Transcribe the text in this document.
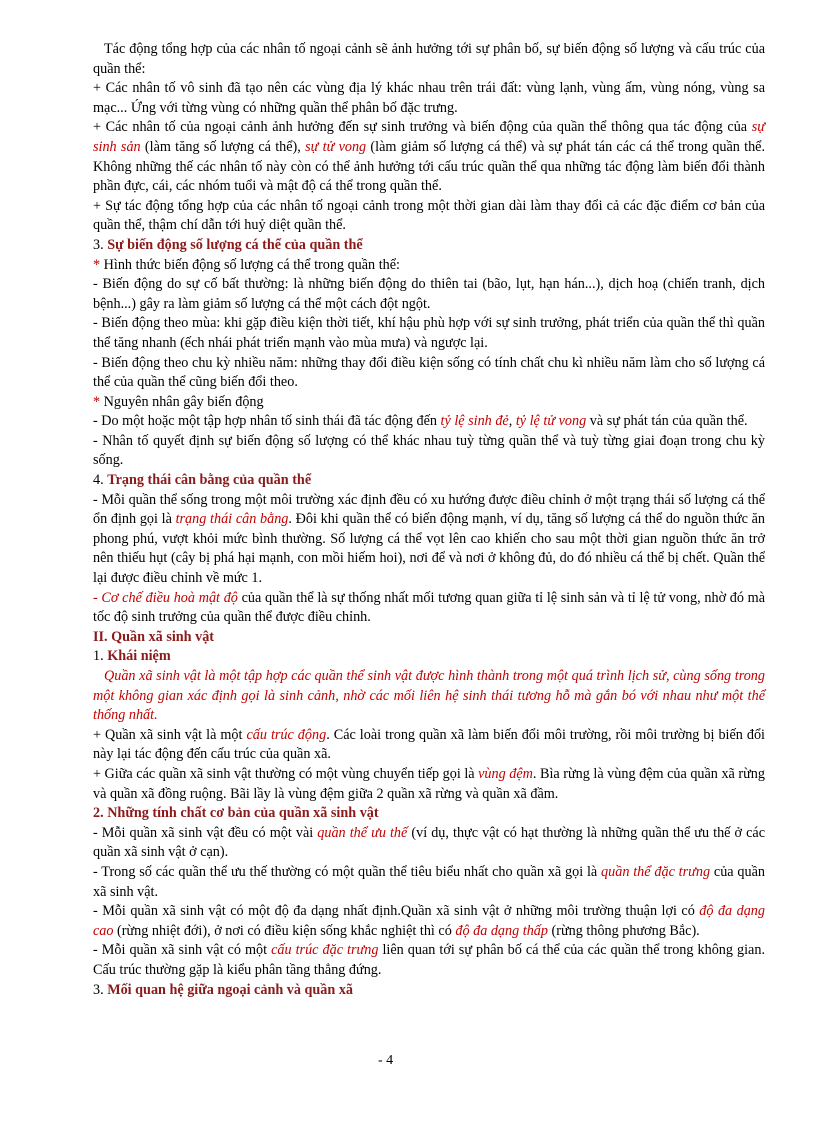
Tác động tổng hợp của các nhân tố ngoại cảnh sẽ ảnh hưởng tới sự phân bố, sự biến động số lượng và cấu trúc của quần thể:

+ Các nhân tố vô sinh đã tạo nên các vùng địa lý khác nhau trên trái đất: vùng lạnh, vùng ấm, vùng nóng, vùng sa mạc... Ứng với từng vùng có những quần thể phân bố đặc trưng.

+ Các nhân tố của ngoại cảnh ảnh hưởng đến sự sinh trưởng và biến động của quần thể thông qua tác động của sự sinh sản (làm tăng số lượng cá thể), sự tử vong (làm giảm số lượng cá thể) và sự phát tán các cá thể trong quần thể. Không những thế các nhân tố này còn có thể ảnh hưởng tới cấu trúc quần thể qua những tác động làm biến đổi thành phần đực, cái, các nhóm tuổi và mật độ cá thể trong quần thể.

+ Sự tác động tổng hợp của các nhân tố ngoại cảnh trong một thời gian dài làm thay đổi cả các đặc điểm cơ bản của quần thể, thậm chí dẫn tới huỷ diệt quần thể.

3. Sự biến động số lượng cá thể của quần thể

* Hình thức biến động số lượng cá thể trong quần thể:

- Biến động do sự cố bất thường: là những biến động do thiên tai (bão, lụt, hạn hán...), dịch hoạ (chiến tranh, dịch bệnh...) gây ra làm giảm số lượng cá thể một cách đột ngột.

- Biến động theo mùa: khi gặp điều kiện thời tiết, khí hậu phù hợp với sự sinh trưởng, phát triển của quần thể thì quần thể tăng nhanh (ếch nhái phát triển mạnh vào mùa mưa) và ngược lại.

- Biến động theo chu kỳ nhiều năm: những thay đổi điều kiện sống có tính chất chu kì nhiều năm làm cho số lượng cá thể của quần thể cũng biến đổi theo.

* Nguyên nhân gây biến động

- Do một hoặc một tập hợp nhân tố sinh thái đã tác động đến tỷ lệ sinh đẻ, tỷ lệ tử vong và sự phát tán của quần thể.

- Nhân tố quyết định sự biến động số lượng có thể khác nhau tuỳ từng quần thể và tuỳ từng giai đoạn trong chu kỳ sống.

4. Trạng thái cân bằng của quần thể

- Mỗi quần thể sống trong một môi trường xác định đều có xu hướng được điều chỉnh ở một trạng thái số lượng cá thể ổn định gọi là trạng thái cân bằng. Đôi khi quần thể có biến động mạnh, ví dụ, tăng số lượng cá thể do nguồn thức ăn phong phú, vượt khỏi mức bình thường. Số lượng cá thể vọt lên cao khiến cho sau một thời gian nguồn thức ăn trở nên thiếu hụt (cây bị phá hại mạnh, con mồi hiếm hoi), nơi để và nơi ở không đủ, do đó nhiều cá thể bị chết. Quần thể lại được điều chỉnh về mức 1.

- Cơ chế điều hoà mật độ của quần thể là sự thống nhất mối tương quan giữa tỉ lệ sinh sản và tỉ lệ tử vong, nhờ đó mà tốc độ sinh trưởng của quần thể được điều chỉnh.

II. Quần xã sinh vật

1. Khái niệm

Quần xã sinh vật là một tập hợp các quần thể sinh vật được hình thành trong một quá trình lịch sử, cùng sống trong một không gian xác định gọi là sinh cảnh, nhờ các mối liên hệ sinh thái tương hỗ mà gắn bó với nhau như một thể thống nhất.

+ Quần xã sinh vật là một cấu trúc động. Các loài trong quần xã làm biến đổi môi trường, rồi môi trường bị biến đổi này lại tác động đến cấu trúc của quần xã.

+ Giữa các quần xã sinh vật thường có một vùng chuyển tiếp gọi là vùng đệm. Bìa rừng là vùng đệm của quần xã rừng và quần xã đồng ruộng. Bãi lầy là vùng đệm giữa 2 quần xã rừng và quần xã đầm.

2. Những tính chất cơ bản của quần xã sinh vật

- Mỗi quần xã sinh vật đều có một vài quần thể ưu thế (ví dụ, thực vật có hạt thường là những quần thể ưu thế ở các quần xã sinh vật ở cạn).

- Trong số các quần thể ưu thế thường có một quần thể tiêu biểu nhất cho quần xã gọi là quần thể đặc trưng của quần xã sinh vật.

- Mỗi quần xã sinh vật có một độ đa dạng nhất định.Quần xã sinh vật ở những môi trường thuận lợi có độ đa dạng cao (rừng nhiệt đới), ở nơi có điều kiện sống khắc nghiệt thì có độ đa dạng thấp (rừng thông phương Bắc).

- Mỗi quần xã sinh vật có một cấu trúc đặc trưng liên quan tới sự phân bố cá thể của các quần thể trong không gian. Cấu trúc thường gặp là kiểu phân tầng thẳng đứng.

3. Mối quan hệ giữa ngoại cảnh và quần xã

- 4
